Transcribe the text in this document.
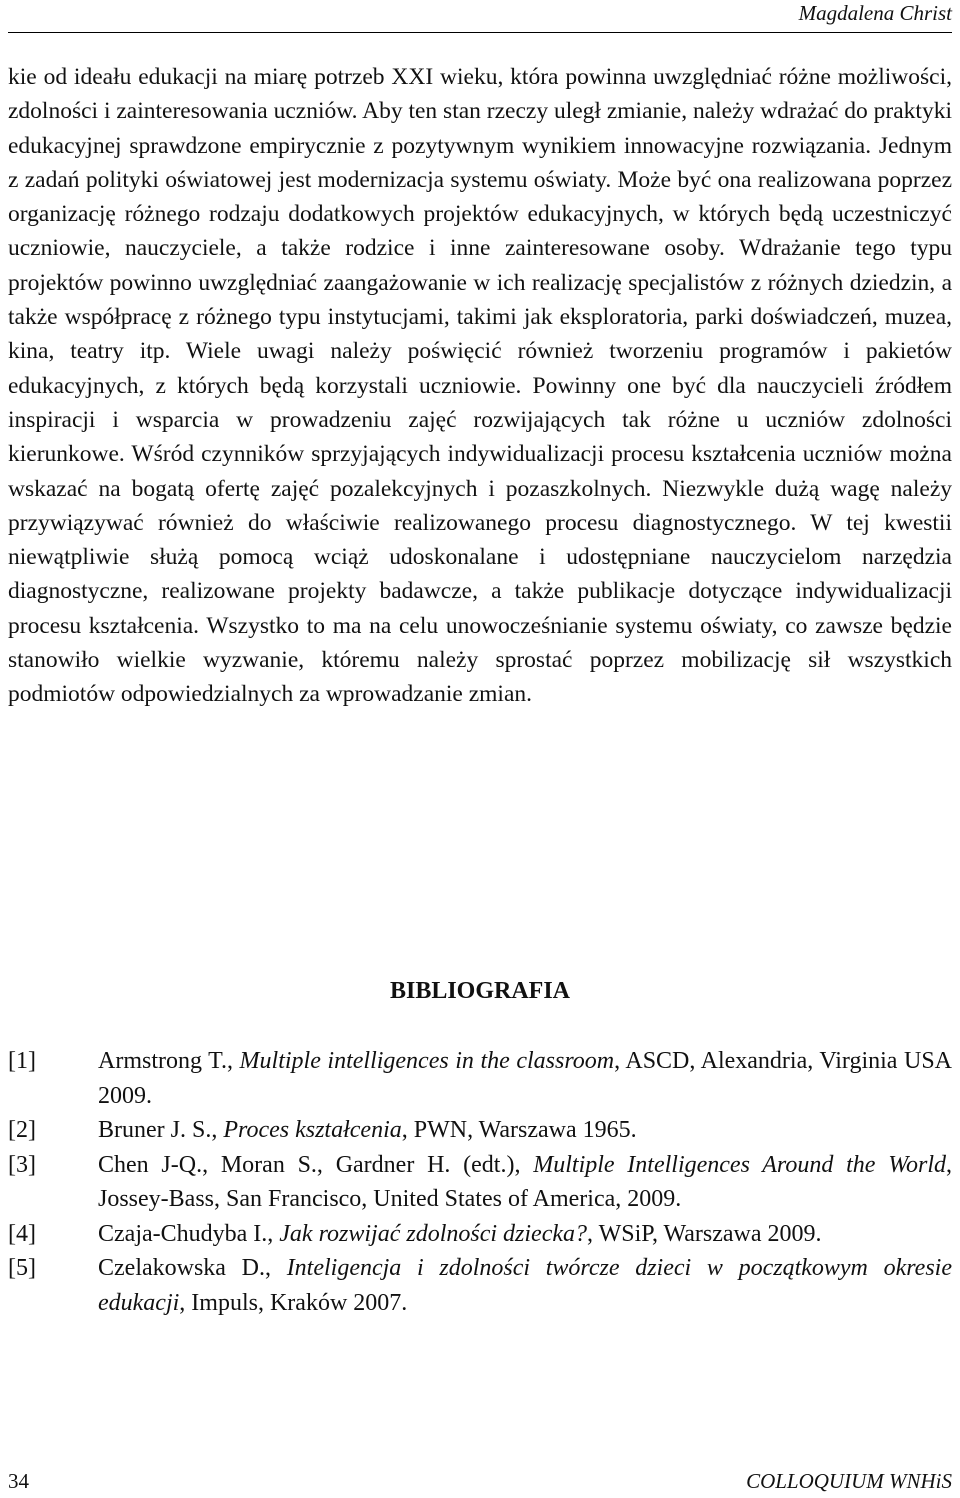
Magdalena Christ

kie od ideału edukacji na miarę potrzeb XXI wieku, która powinna uwzględniać różne możliwości, zdolności i zainteresowania uczniów. Aby ten stan rzeczy uległ zmianie, należy wdrażać do praktyki edukacyjnej sprawdzone empirycznie z pozytywnym wynikiem innowacyjne rozwiązania. Jednym z zadań polityki oświatowej jest modernizacja systemu oświaty. Może być ona realizowana poprzez organizację różnego rodzaju dodatkowych projektów edukacyjnych, w których będą uczestniczyć uczniowie, nauczyciele, a także rodzice i inne zainteresowane osoby. Wdrażanie tego typu projektów powinno uwzględniać zaangażowanie w ich realizację specjalistów z różnych dziedzin, a także współpracę z różnego typu instytucjami, takimi jak eksploratoria, parki doświadczeń, muzea, kina, teatry itp. Wiele uwagi należy poświęcić również tworzeniu programów i pakietów edukacyjnych, z których będą korzystali uczniowie. Powinny one być dla nauczycieli źródłem inspiracji i wsparcia w prowadzeniu zajęć rozwijających tak różne u uczniów zdolności kierunkowe. Wśród czynników sprzyjających indywidualizacji procesu kształcenia uczniów można wskazać na bogatą ofertę zajęć pozalekcyjnych i pozaszkolnych. Niezwykle dużą wagę należy przywiązywać również do właściwie realizowanego procesu diagnostycznego. W tej kwestii niewątpliwie służą pomocą wciąż udoskonalane i udostępniane nauczycielom narzędzia diagnostyczne, realizowane projekty badawcze, a także publikacje dotyczące indywidualizacji procesu kształcenia. Wszystko to ma na celu unowocześnianie systemu oświaty, co zawsze będzie stanowiło wielkie wyzwanie, któremu należy sprostać poprzez mobilizację sił wszystkich podmiotów odpowiedzialnych za wprowadzanie zmian.

BIBLIOGRAFIA
[1]	Armstrong T., Multiple intelligences in the classroom, ASCD, Alexandria, Virginia USA 2009.
[2]	Bruner J. S., Proces kształcenia, PWN, Warszawa 1965.
[3]	Chen J-Q., Moran S., Gardner H. (edt.), Multiple Intelligences Around the World, Jossey-Bass, San Francisco, United States of America, 2009.
[4]	Czaja-Chudyba I., Jak rozwijać zdolności dziecka?, WSiP, Warszawa 2009.
[5]	Czelakowska D., Inteligencja i zdolności twórcze dzieci w początkowym okresie edukacji, Impuls, Kraków 2007.
34	COLLOQUIUM WNHiS
